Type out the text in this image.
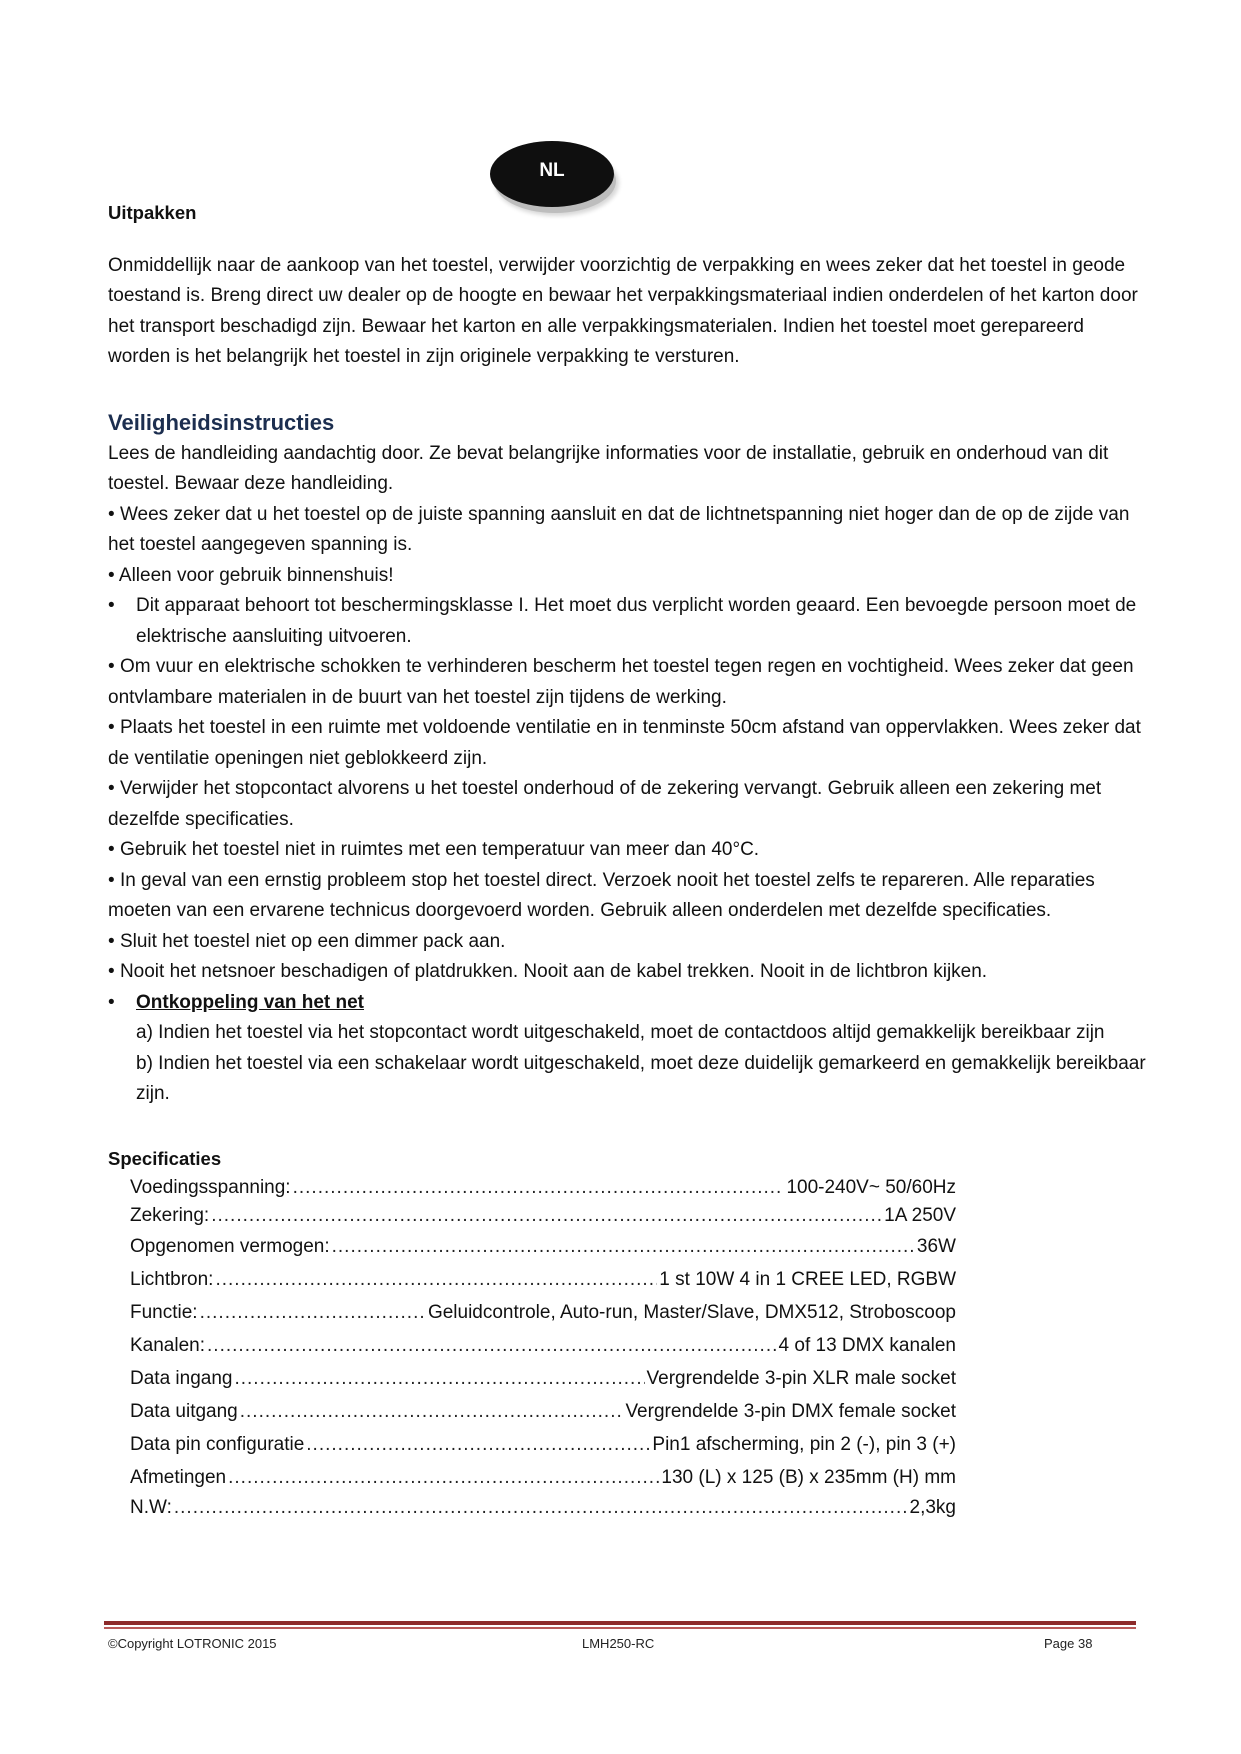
NL

Uitpakken

Onmiddellijk naar de aankoop van het toestel, verwijder voorzichtig de verpakking en wees zeker dat het toestel in geode toestand is. Breng direct uw dealer op de hoogte en bewaar het verpakkingsmateriaal indien onderdelen of het karton door het transport beschadigd zijn. Bewaar het karton en alle verpakkingsmaterialen. Indien het toestel moet gerepareerd worden is het belangrijk het toestel in zijn originele verpakking te versturen.

Veiligheidsinstructies

Lees de handleiding aandachtig door. Ze bevat belangrijke informaties voor de installatie, gebruik en onderhoud van dit toestel. Bewaar deze handleiding.

• Wees zeker dat u het toestel op de juiste spanning aansluit en dat de lichtnetspanning niet hoger dan de op de zijde van het toestel aangegeven spanning is.

• Alleen voor gebruik binnenshuis!

• Dit apparaat behoort tot beschermingsklasse I. Het moet dus verplicht worden geaard. Een bevoegde persoon moet de elektrische aansluiting uitvoeren.

• Om vuur en elektrische schokken te verhinderen bescherm het toestel tegen regen en vochtigheid. Wees zeker dat geen ontvlambare materialen in de buurt van het toestel zijn tijdens de werking.

• Plaats het toestel in een ruimte met voldoende ventilatie en in tenminste 50cm afstand van oppervlakken. Wees zeker dat de ventilatie openingen niet geblokkeerd zijn.

• Verwijder het stopcontact alvorens u het toestel onderhoud of de zekering vervangt. Gebruik alleen een zekering met dezelfde specificaties.

• Gebruik het toestel niet in ruimtes met een temperatuur van meer dan 40°C.

• In geval van een ernstig probleem stop het toestel direct. Verzoek nooit het toestel zelfs te repareren. Alle reparaties moeten van een ervarene technicus doorgevoerd worden. Gebruik alleen onderdelen met dezelfde specificaties.

• Sluit het toestel niet op een dimmer pack aan.

• Nooit het netsnoer beschadigen of platdrukken. Nooit aan de kabel trekken. Nooit in de lichtbron kijken.

• Ontkoppeling van het net

a) Indien het toestel via het stopcontact wordt uitgeschakeld, moet de contactdoos altijd gemakkelijk bereikbaar zijn

b) Indien het toestel via een schakelaar wordt uitgeschakeld, moet deze duidelijk gemarkeerd en gemakkelijk bereikbaar zijn.

Specificaties

Voedingsspanning: .....	100-240V~ 50/60Hz
Zekering: .....	1A 250V
Opgenomen vermogen: .....	36W
Lichtbron: .....	1 st 10W 4 in 1 CREE LED, RGBW
Functie: .....	Geluidcontrole, Auto-run, Master/Slave, DMX512, Stroboscoop
Kanalen: .....	4 of 13 DMX kanalen
Data ingang .....	Vergrendelde 3-pin XLR male socket
Data uitgang .....	Vergrendelde 3-pin DMX female socket
Data pin configuratie .....	Pin1 afscherming, pin 2 (-), pin 3 (+)
Afmetingen .....	130 (L) x 125 (B) x 235mm (H) mm
N.W: .....	2,3kg
©Copyright LOTRONIC 2015	LMH250-RC	Page 38
